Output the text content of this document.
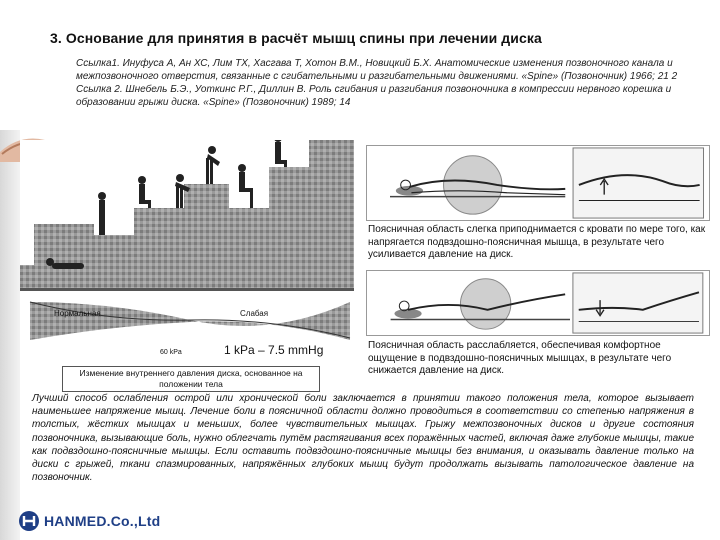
3. Основание для принятия в расчёт мышц спины при лечении диска

Ссылка1. Инуфуса А, Ан ХС, Лим ТХ, Хасгава Т, Хотон В.М., Новицкий Б.Х. Анатомические изменения позвоночного канала и межпозвоночного отверстия, связанные с сгибательными и разгибательными движениями. «Spine» (Позвоночник) 1966; 21 2

Ссылка 2. Шнебель Б.Э., Уоткинс Р.Г., Диллин В. Роль сгибания и разгибания позвоночника в компрессии нервного корешка и образовании грыжи диска. «Spine» (Позвоночник) 1989; 14

Нормальная	Слабая
60 kPa	1 kPa – 7.5 mmHg
Изменение внутреннего давления диска, основанное на положении тела
Поясничная область слегка приподнимается с кровати по мере того, как напрягается подвздошно-поясничная мышца, в результате чего усиливается давление на диск.
Поясничная область расслабляется, обеспечивая комфортное ощущение в подвздошно-поясничных мышцах, в результате чего снижается давление на диск.
Лучший способ ослабления острой или хронической боли заключается в принятии такого положения тела, которое вызывает наименьшее напряжение мышц. Лечение боли в поясничной области должно проводиться в соответствии со степенью напряжения в толстых, жёстких мышцах и меньших, более чувствительных мышцах. Грыжу межпозвоночных дисков и другие состояния позвоночника, вызывающие боль, нужно облегчать путём растягивания всех поражённых частей, включая даже глубокие мышцы, такие как подвздошно-поясничные мышцы. Если оставить подвздошно-поясничные мышцы без внимания, и оказывать давление только на диски с грыжей, ткани спазмированных, напряжённых глубоких мышц будут продолжать вызывать патологическое давление на позвоночник.
HANMED.Co.,Ltd
